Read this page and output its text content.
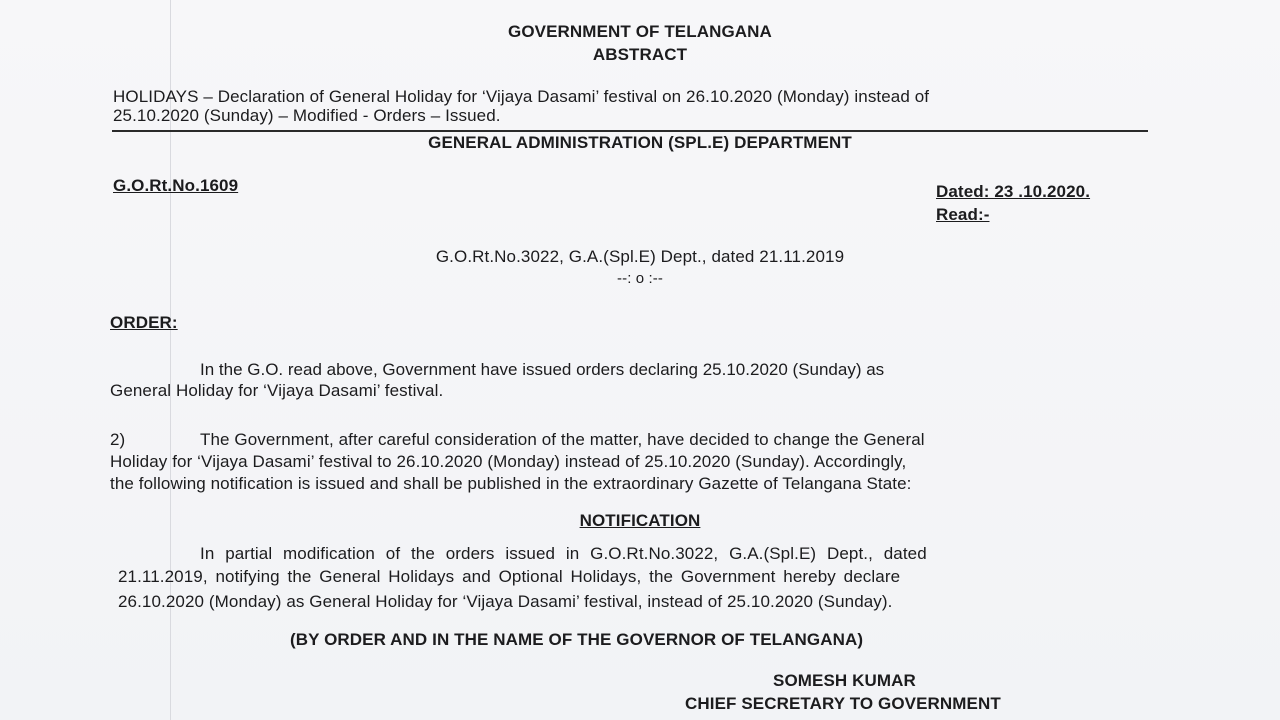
GOVERNMENT OF TELANGANA
ABSTRACT
HOLIDAYS – Declaration of General Holiday for ‘Vijaya Dasami’ festival on 26.10.2020 (Monday) instead of
25.10.2020 (Sunday) – Modified - Orders – Issued.
GENERAL ADMINISTRATION (SPL.E) DEPARTMENT
G.O.Rt.No.1609	Dated: 23 .10.2020.
Read:-
G.O.Rt.No.3022, G.A.(Spl.E) Dept., dated 21.11.2019
--: o :--
ORDER:
In the G.O. read above, Government have issued orders declaring 25.10.2020 (Sunday) as
General Holiday for ‘Vijaya Dasami’ festival.
2)	The Government, after careful consideration of the matter, have decided to change the General
Holiday for ‘Vijaya Dasami’ festival to 26.10.2020 (Monday) instead of 25.10.2020 (Sunday). Accordingly,
the following notification is issued and shall be published in the extraordinary Gazette of Telangana State:
NOTIFICATION
In partial modification of the orders issued in G.O.Rt.No.3022, G.A.(Spl.E) Dept., dated
21.11.2019, notifying the General Holidays and Optional Holidays, the Government hereby declare
26.10.2020 (Monday) as General Holiday for ‘Vijaya Dasami’ festival, instead of 25.10.2020 (Sunday).
(BY ORDER AND IN THE NAME OF THE GOVERNOR OF TELANGANA)
SOMESH KUMAR
CHIEF SECRETARY TO GOVERNMENT
